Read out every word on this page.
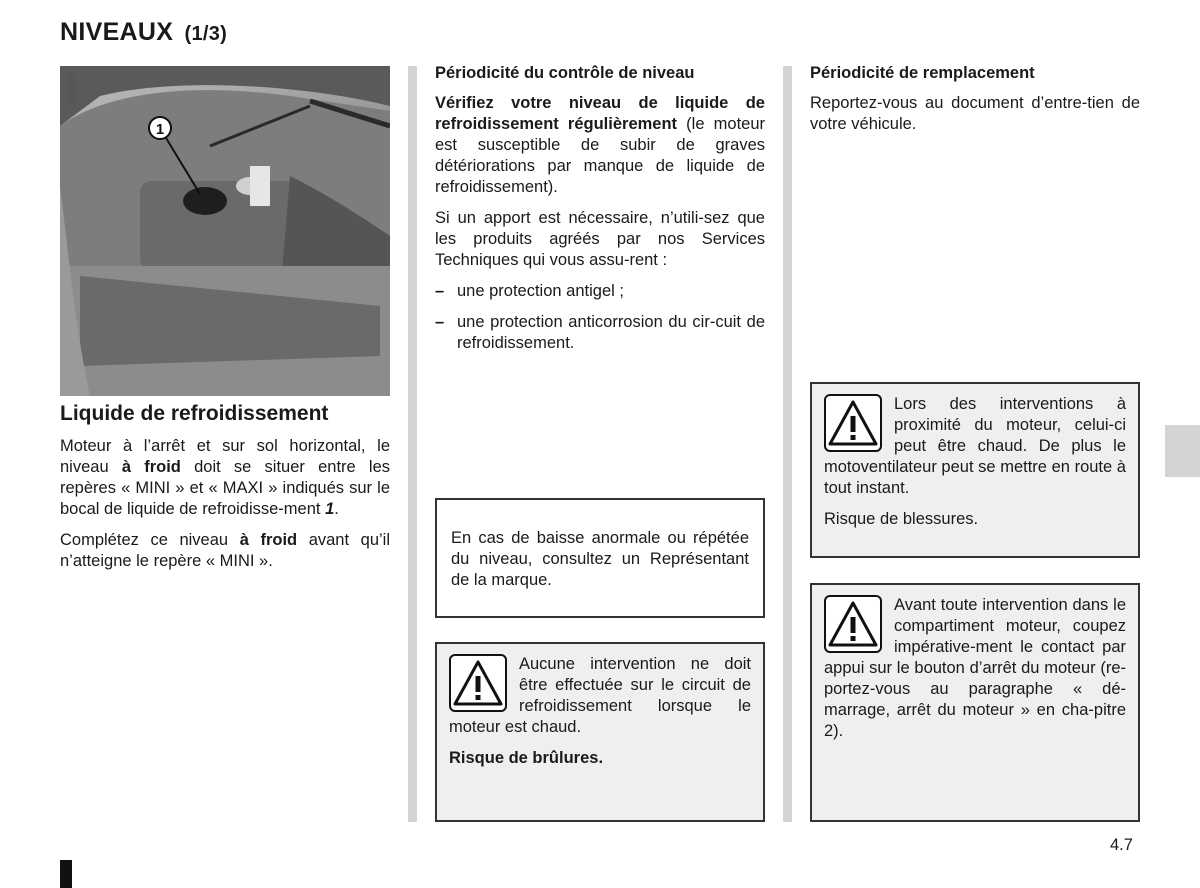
NIVEAUX (1/3)
1
39306
Liquide de refroidissement

Moteur à l’arrêt et sur sol horizontal, le niveau à froid doit se situer entre les repères « MINI » et « MAXI » indiqués sur le bocal de liquide de refroidisse-ment 1.

Complétez ce niveau à froid avant qu’il n’atteigne le repère « MINI ».

Périodicité du contrôle de niveau

Vérifiez votre niveau de liquide de refroidissement régulièrement (le moteur est susceptible de subir de graves détériorations par manque de liquide de refroidissement).

Si un apport est nécessaire, n’utili-sez que les produits agréés par nos Services Techniques qui vous assu-rent :

– une protection antigel ;
– une protection anticorrosion du cir-cuit de refroidissement.

En cas de baisse anormale ou répétée du niveau, consultez un Représentant de la marque.

Aucune intervention ne doit être effectuée sur le circuit de refroidissement lorsque le moteur est chaud.

Risque de brûlures.

Périodicité de remplacement

Reportez-vous au document d’entre-tien de votre véhicule.

Lors des interventions à proximité du moteur, celui-ci peut être chaud. De plus le motoventilateur peut se mettre en route à tout instant.

Risque de blessures.

Avant toute intervention dans le compartiment moteur, coupez impérative-ment le contact par appui sur le bouton d’arrêt du moteur (re-portez-vous au paragraphe « dé-marrage, arrêt du moteur » en cha-pitre 2).

4.7
